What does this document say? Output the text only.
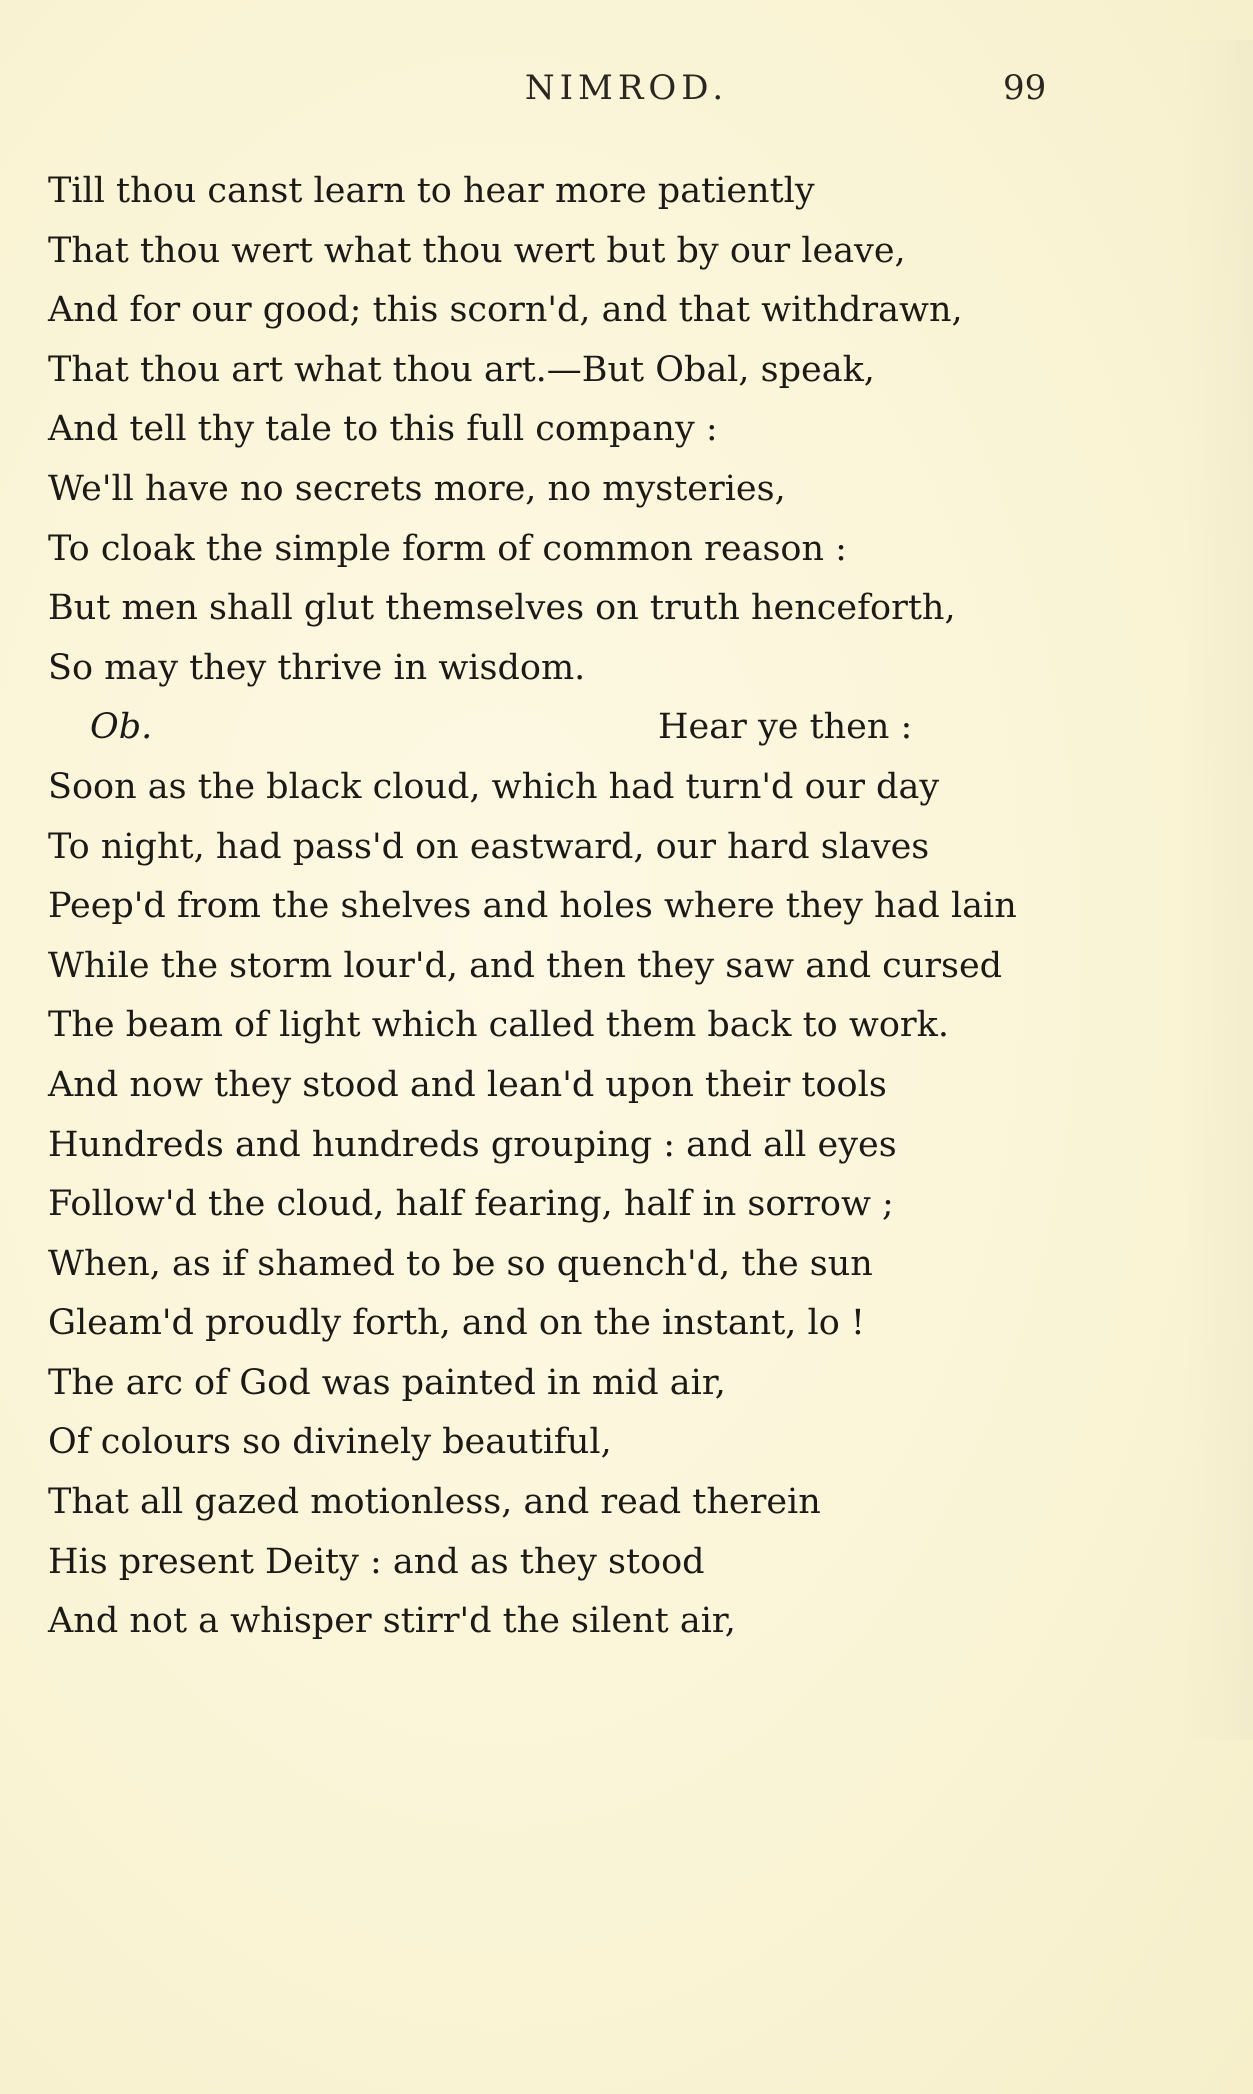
NIMROD.	99
Till thou canst learn to hear more patiently
That thou wert what thou wert but by our leave,
And for our good; this scorn'd, and that withdrawn,
That thou art what thou art.—But Obal, speak,
And tell thy tale to this full company :
We'll have no secrets more, no mysteries,
To cloak the simple form of common reason :
But men shall glut themselves on truth henceforth,
So may they thrive in wisdom.
Ob.	Hear ye then :
Soon as the black cloud, which had turn'd our day
To night, had pass'd on eastward, our hard slaves
Peep'd from the shelves and holes where they had lain
While the storm lour'd, and then they saw and cursed
The beam of light which called them back to work.
And now they stood and lean'd upon their tools
Hundreds and hundreds grouping : and all eyes
Follow'd the cloud, half fearing, half in sorrow ;
When, as if shamed to be so quench'd, the sun
Gleam'd proudly forth, and on the instant, lo !
The arc of God was painted in mid air,
Of colours so divinely beautiful,
That all gazed motionless, and read therein
His present Deity : and as they stood
And not a whisper stirr'd the silent air,
